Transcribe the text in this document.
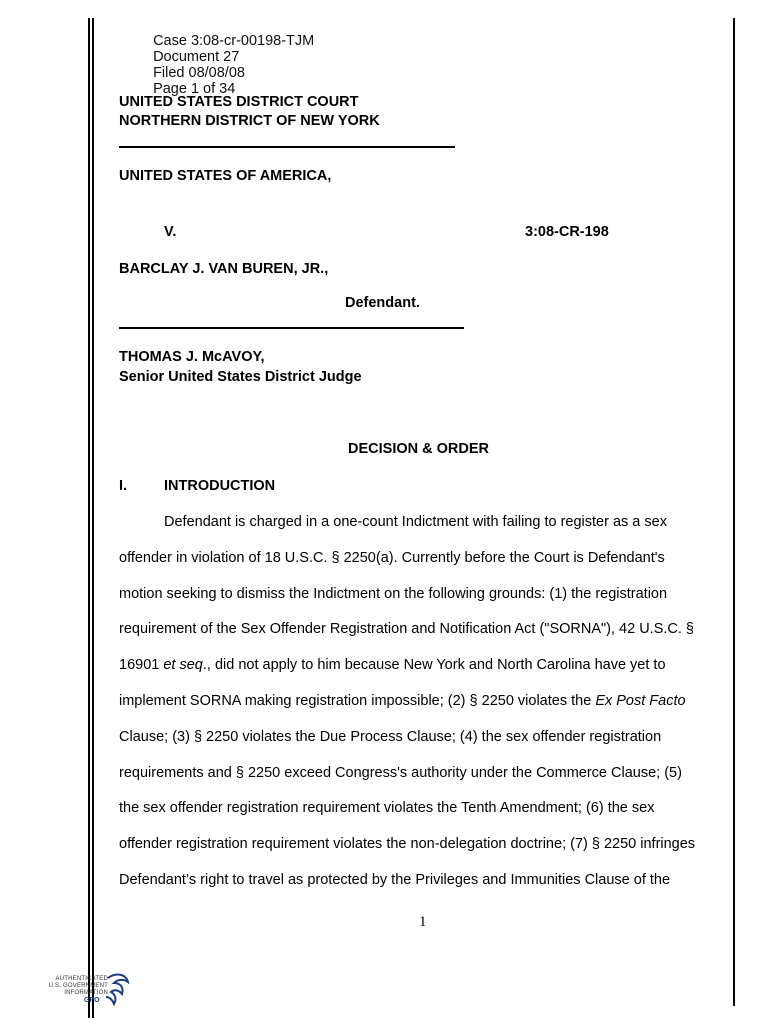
Case 3:08-cr-00198-TJM
Document 27
Filed 08/08/08
Page 1 of 34

UNITED STATES DISTRICT COURT
NORTHERN DISTRICT OF NEW YORK
UNITED STATES OF AMERICA,
V.	3:08-CR-198
BARCLAY J. VAN BUREN, JR.,
Defendant.
THOMAS J. McAVOY,
Senior United States District Judge
DECISION & ORDER
I.	INTRODUCTION
Defendant is charged in a one-count Indictment with failing to register as a sex
offender in violation of 18 U.S.C. § 2250(a). Currently before the Court is Defendant's
motion seeking to dismiss the Indictment on the following grounds: (1) the registration
requirement of the Sex Offender Registration and Notification Act ("SORNA"), 42 U.S.C. §
16901 et seq., did not apply to him because New York and North Carolina have yet to
implement SORNA making registration impossible; (2) § 2250 violates the Ex Post Facto
Clause; (3) § 2250 violates the Due Process Clause; (4) the sex offender registration
requirements and § 2250 exceed Congress's authority under the Commerce Clause; (5)
the sex offender registration requirement violates the Tenth Amendment; (6) the sex
offender registration requirement violates the non-delegation doctrine; (7) § 2250 infringes
Defendant’s right to travel as protected by the Privileges and Immunities Clause of the
1
AUTHENTICATED
U.S. GOVERNMENT
INFORMATION
GPO
